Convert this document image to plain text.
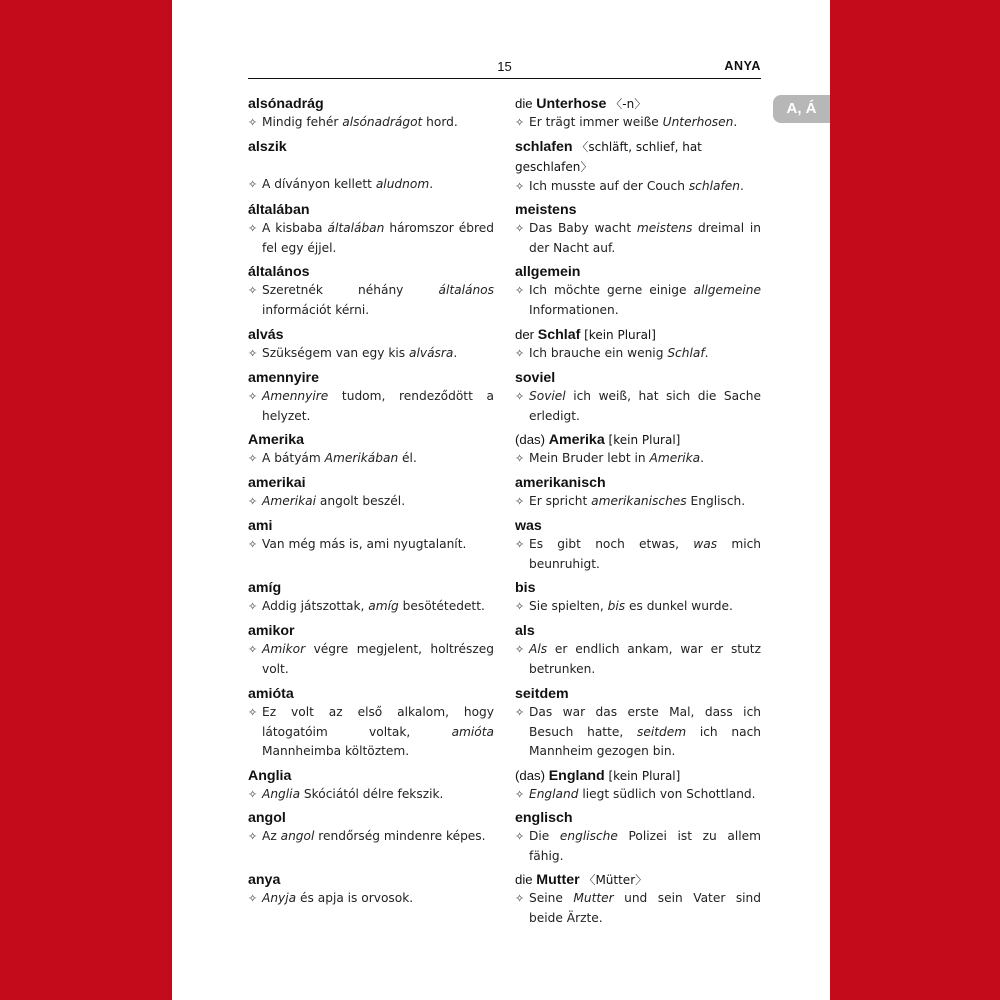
15	ANYA
A, Á
alsónadrág
✧ Mindig fehér alsónadrágot hord.
alszik
✧ A díványon kellett aludnom.
általában
✧ A kisbaba általában háromszor ébred fel egy éjjel.
általános
✧ Szeretnék néhány általános információt kérni.
alvás
✧ Szükségem van egy kis alvásra.
amennyire
✧ Amennyire tudom, rendeződött a helyzet.
Amerika
✧ A bátyám Amerikában él.
amerikai
✧ Amerikai angolt beszél.
ami
✧ Van még más is, ami nyugtalanít.
amíg
✧ Addig játszottak, amíg besötétedett.
amikor
✧ Amikor végre megjelent, holtrészeg volt.
amióta
✧ Ez volt az első alkalom, hogy látogatóim voltak, amióta Mannheimba költöztem.
Anglia
✧ Anglia Skóciától délre fekszik.
angol
✧ Az angol rendőrség mindenre képes.
anya
✧ Anyja és apja is orvosok.
die Unterhose 〈-n〉
✧ Er trägt immer weiße Unterhosen.
schlafen 〈schläft, schlief, hat geschlafen〉
✧ Ich musste auf der Couch schlafen.
meistens
✧ Das Baby wacht meistens dreimal in der Nacht auf.
allgemein
✧ Ich möchte gerne einige allgemeine Informationen.
der Schlaf [kein Plural]
✧ Ich brauche ein wenig Schlaf.
soviel
✧ Soviel ich weiß, hat sich die Sache erledigt.
(das) Amerika [kein Plural]
✧ Mein Bruder lebt in Amerika.
amerikanisch
✧ Er spricht amerikanisches Englisch.
was
✧ Es gibt noch etwas, was mich beunruhigt.
bis
✧ Sie spielten, bis es dunkel wurde.
als
✧ Als er endlich ankam, war er stutz betrunken.
seitdem
✧ Das war das erste Mal, dass ich Besuch hatte, seitdem ich nach Mannheim gezogen bin.
(das) England [kein Plural]
✧ England liegt südlich von Schottland.
englisch
✧ Die englische Polizei ist zu allem fähig.
die Mutter 〈Mütter〉
✧ Seine Mutter und sein Vater sind beide Ärzte.
